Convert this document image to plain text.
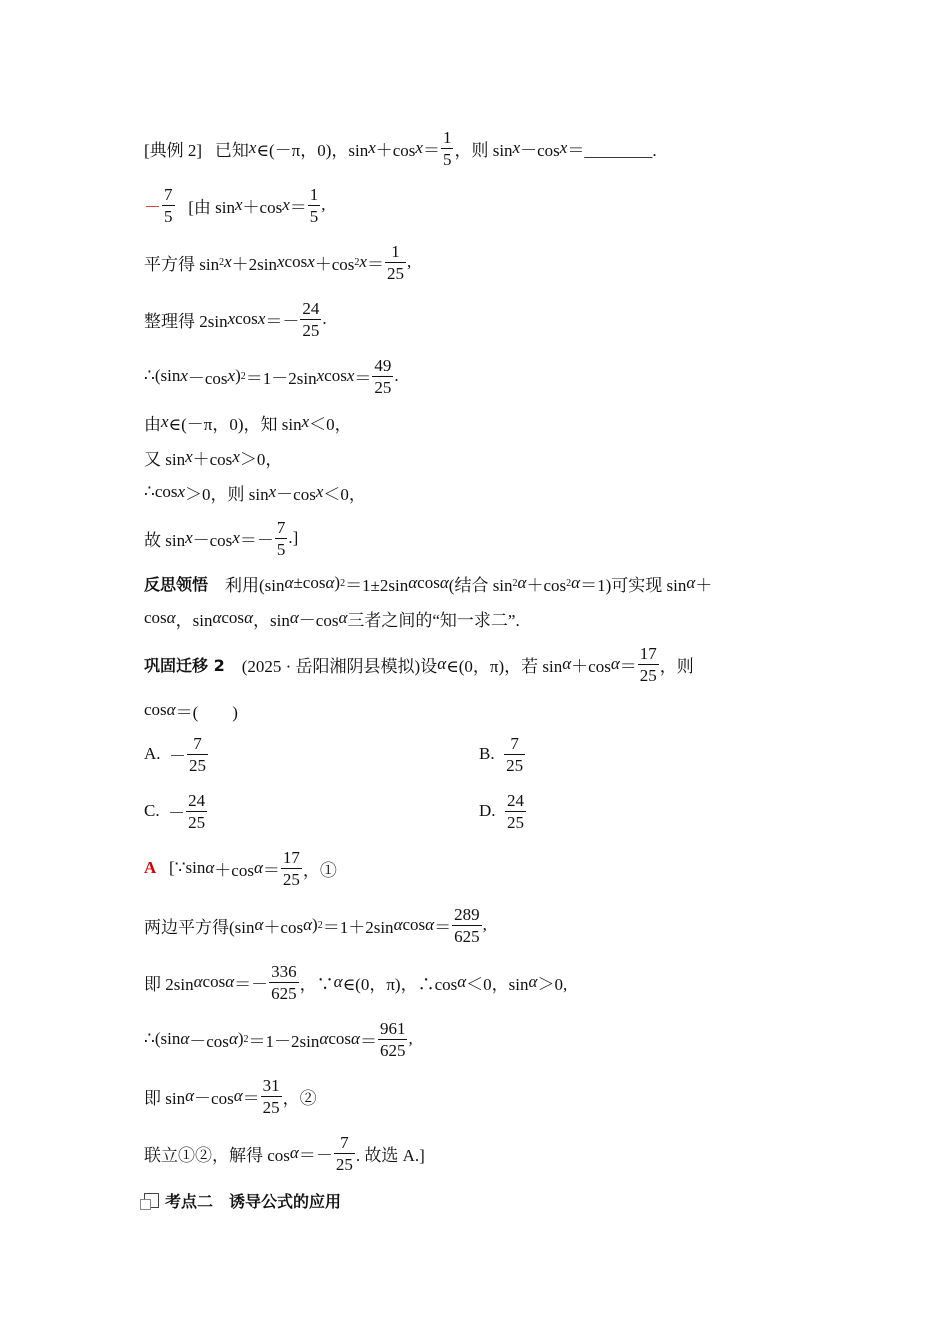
[典例 2]
已知 x ∈(－π，0)，sin x ＋cos $x = \frac{1}{5}$ ，则 sin x －cos x ＝________.
－ $\frac{7}{5}$
[由 sin x ＋cos $x = \frac{1}{5}$ ,
平方得 sin 2 x ＋2sin x cos x ＋cos 2 $x = \frac{1}{25}$ ,
整理得 2sin x $\cos x =- \frac{24}{25}$ .
∴(sin x －cos x ) 2 ＝1－2sin x $\cos x = \frac{49}{25}$ .
由 x ∈(－π，0)，知 sin x ＜0，
又 sin x ＋cos x ＞0，
∴cos x ＞0，则 sin x －cos x ＜0，
故 sin x －cos $x =- \frac{7}{5}$ .]
反思领悟
利用(sin α ±cos α ) 2 ＝1±2sin α cos α (结合 sin 2 α ＋cos 2 α ＝1)可实现 sin α ＋
cos α ，sin α cos α ，sin α －cos α 三者之间的“知一求二”.
巩固迁移 2
(2025 · 岳阳湘阴县模拟)设 α ∈(0，π)，若 sin α ＋cos $\alpha = \frac{17}{25}$ ，则
cos α ＝(　　)
A.
－ $\frac{7}{25}$	B.
$\frac{7}{25}$
C.
－ $\frac{24}{25}$	D.
$\frac{24}{25}$
A
[∵sin α ＋cos $\alpha = \frac{17}{25}$ ，①
两边平方得(sin α ＋cos α ) 2 ＝1＋2sin α $\cos \alpha = \frac{289}{625}$ ,
即 2sin α $\cos \alpha =- \frac{336}{625}$ ，∵ α ∈(0，π)，∴cos α ＜0，sin α ＞0,
∴(sin α －cos α ) 2 ＝1－2sin α $\cos \alpha = \frac{961}{625}$ ,
即 sin α －cos $\alpha = \frac{31}{25}$ ，②
联立①②，解得 $\cos \alpha =- \frac{7}{25}$ . 故选 A.]
考点二　诱导公式的应用
